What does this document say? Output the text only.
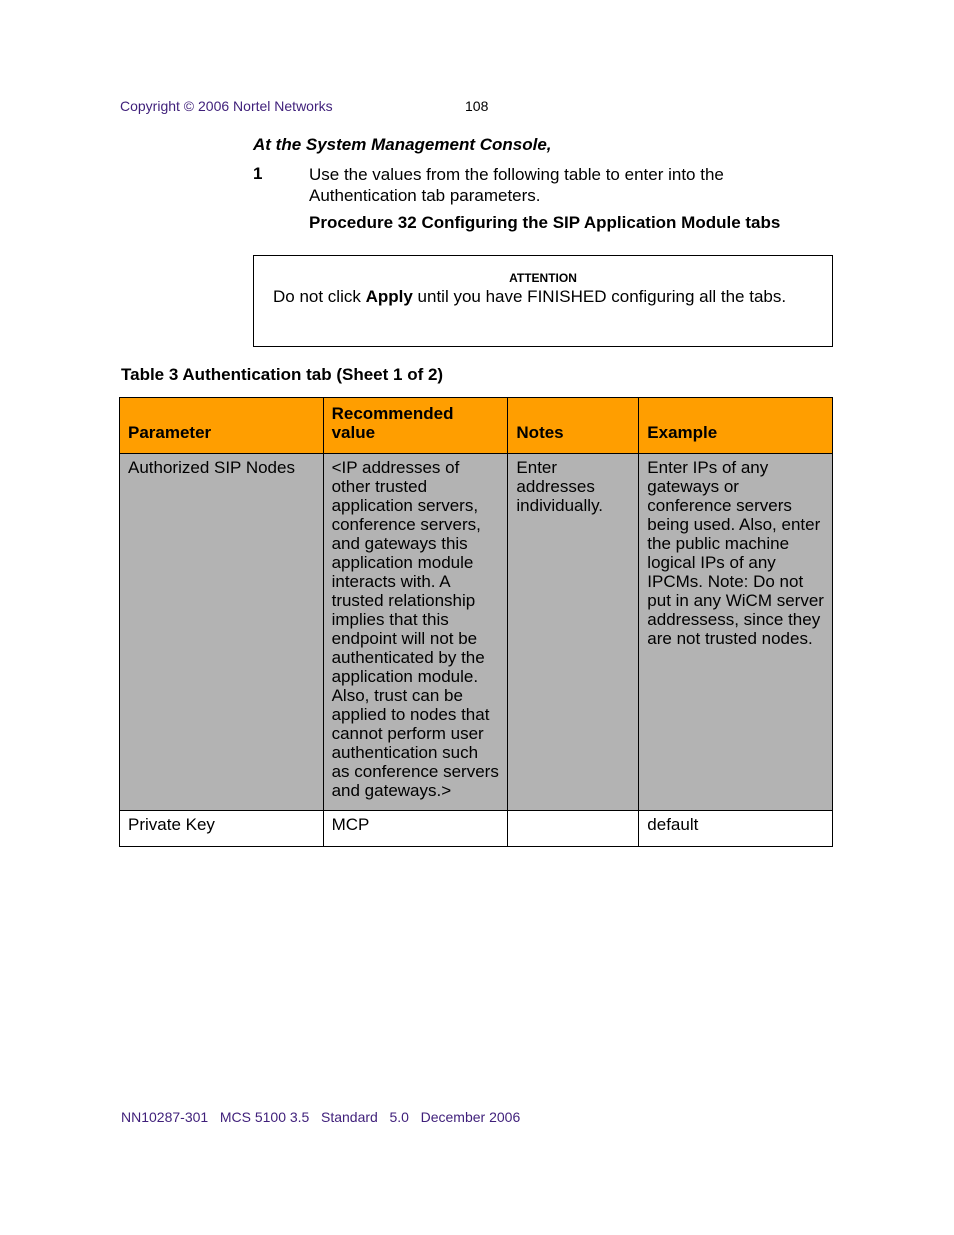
Copyright © 2006 Nortel Networks	108
At the System Management Console,
1	Use the values from the following table to enter into the Authentication tab parameters.
Procedure 32 Configuring the SIP Application Module tabs
ATTENTION
Do not click Apply until you have FINISHED configuring all the tabs.
Table 3 Authentication tab (Sheet 1 of 2)
Parameter	Recommended value	Notes	Example
Authorized SIP Nodes	<IP addresses of other trusted application servers, conference servers, and gateways this application module interacts with. A trusted relationship implies that this endpoint will not be authenticated by the application module. Also, trust can be applied to nodes that cannot perform user authentication such as conference servers and gateways.>	Enter addresses individually.	Enter IPs of any gateways or conference servers being used. Also, enter the public machine logical IPs of any IPCMs. Note: Do not put in any WiCM server addressess, since they are not trusted nodes.
Private Key	MCP		default
NN10287-301   MCS 5100 3.5   Standard   5.0   December 2006
